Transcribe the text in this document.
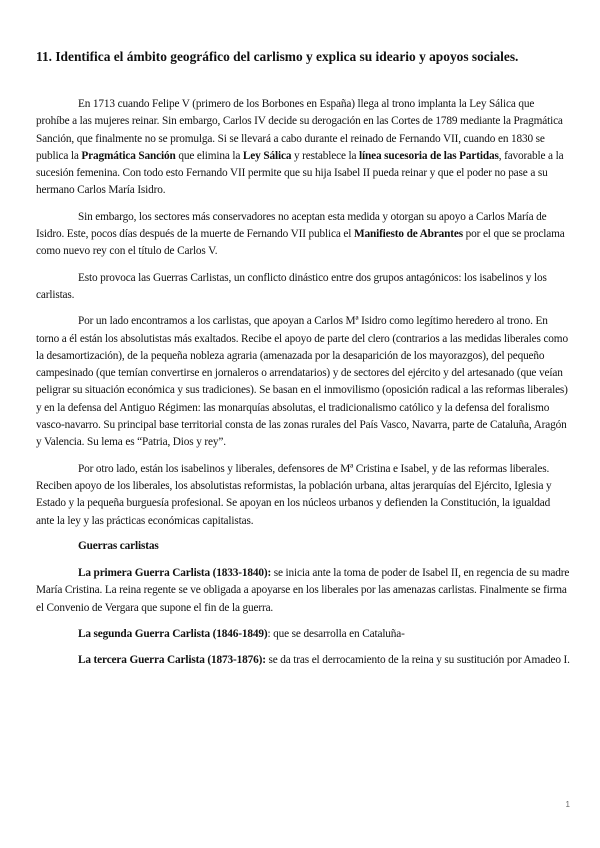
11. Identifica el ámbito geográfico del carlismo y explica su ideario y apoyos sociales.

En 1713 cuando Felipe V (primero de los Borbones en España) llega al trono implanta la Ley Sálica que prohíbe a las mujeres reinar. Sin embargo, Carlos IV decide su derogación en las Cortes de 1789 mediante la Pragmática Sanción, que finalmente no se promulga. Si se llevará a cabo durante el reinado de Fernando VII, cuando en 1830 se publica la Pragmática Sanción que elimina la Ley Sálica y restablece la línea sucesoria de las Partidas, favorable a la sucesión femenina. Con todo esto Fernando VII permite que su hija Isabel II pueda reinar y que el poder no pase a su hermano Carlos María Isidro.

Sin embargo, los sectores más conservadores no aceptan esta medida y otorgan su apoyo a Carlos María de Isidro. Este, pocos días después de la muerte de Fernando VII publica el Manifiesto de Abrantes por el que se proclama como nuevo rey con el título de Carlos V.

Esto provoca las Guerras Carlistas, un conflicto dinástico entre dos grupos antagónicos: los isabelinos y los carlistas.

Por un lado encontramos a los carlistas, que apoyan a Carlos Mª Isidro como legítimo heredero al trono. En torno a él están los absolutistas más exaltados. Recibe el apoyo de parte del clero (contrarios a las medidas liberales como la desamortización), de la pequeña nobleza agraria (amenazada por la desaparición de los mayorazgos), del pequeño campesinado (que temían convertirse en jornaleros o arrendatarios) y de sectores del ejército y del artesanado (que veían peligrar su situación económica y sus tradiciones). Se basan en el inmovilismo (oposición radical a las reformas liberales) y en la defensa del Antiguo Régimen: las monarquías absolutas, el tradicionalismo católico y la defensa del foralismo vasco-navarro. Su principal base territorial consta de las zonas rurales del País Vasco, Navarra, parte de Cataluña, Aragón y Valencia. Su lema es “Patria, Dios y rey”.

Por otro lado, están los isabelinos y liberales, defensores de Mª Cristina e Isabel, y de las reformas liberales. Reciben apoyo de los liberales, los absolutistas reformistas, la población urbana, altas jerarquías del Ejército, Iglesia y Estado y la pequeña burguesía profesional. Se apoyan en los núcleos urbanos y defienden la Constitución, la igualdad ante la ley y las prácticas económicas capitalistas.

Guerras carlistas

La primera Guerra Carlista (1833-1840): se inicia ante la toma de poder de Isabel II, en regencia de su madre María Cristina. La reina regente se ve obligada a apoyarse en los liberales por las amenazas carlistas. Finalmente se firma el Convenio de Vergara que supone el fin de la guerra.

La segunda Guerra Carlista (1846-1849): que se desarrolla en Cataluña-

La tercera Guerra Carlista (1873-1876): se da tras el derrocamiento de la reina y su sustitución por Amadeo I.

1
